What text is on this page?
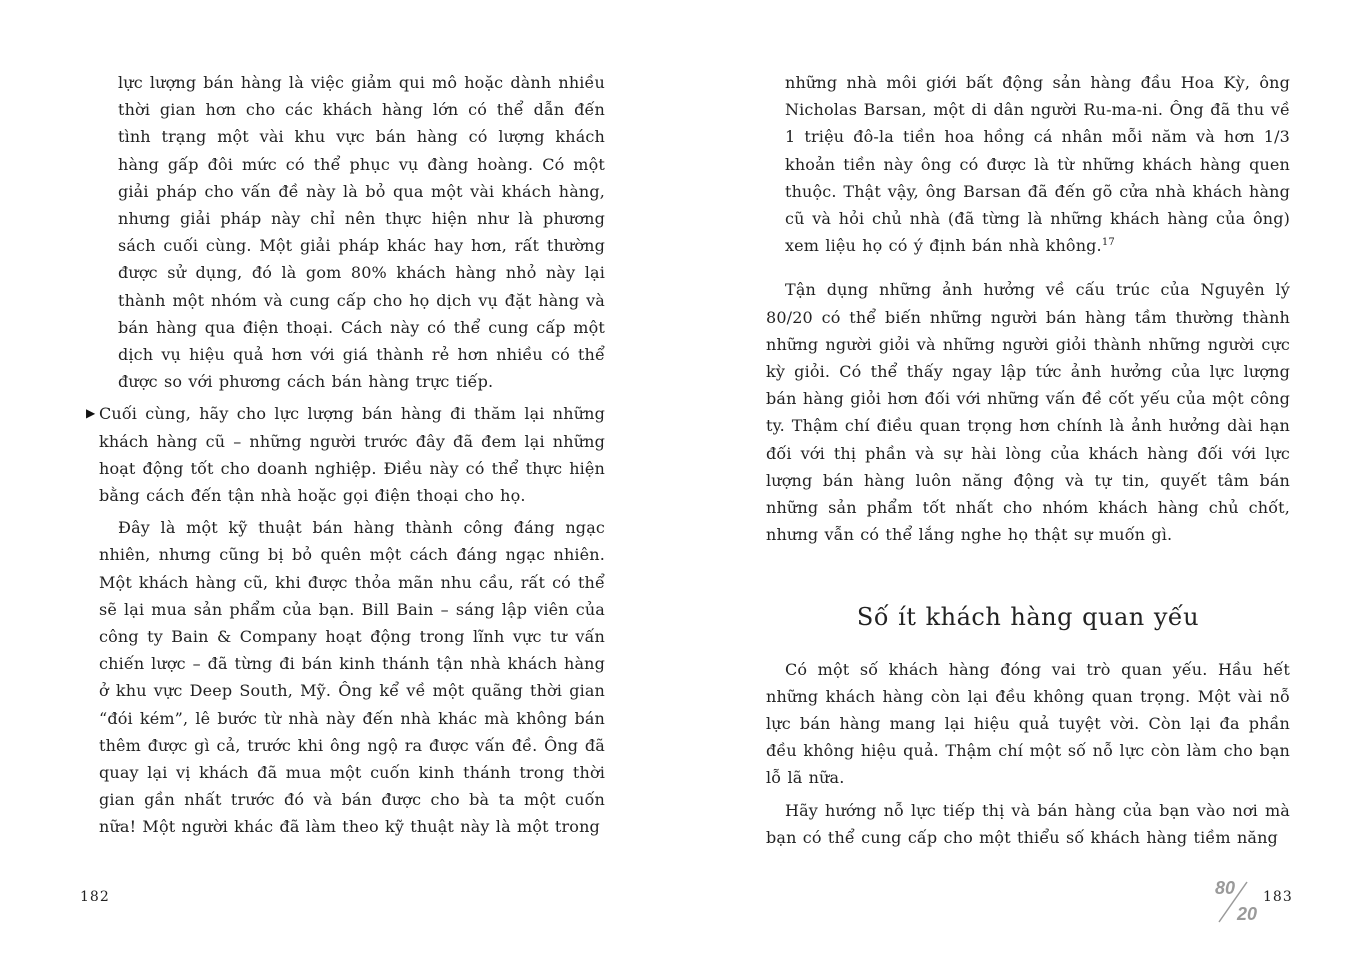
lực lượng bán hàng là việc giảm qui mô hoặc dành nhiều thời gian hơn cho các khách hàng lớn có thể dẫn đến tình trạng một vài khu vực bán hàng có lượng khách hàng gấp đôi mức có thể phục vụ đàng hoàng. Có một giải pháp cho vấn đề này là bỏ qua một vài khách hàng, nhưng giải pháp này chỉ nên thực hiện như là phương sách cuối cùng. Một giải pháp khác hay hơn, rất thường được sử dụng, đó là gom 80% khách hàng nhỏ này lại thành một nhóm và cung cấp cho họ dịch vụ đặt hàng và bán hàng qua điện thoại. Cách này có thể cung cấp một dịch vụ hiệu quả hơn với giá thành rẻ hơn nhiều có thể được so với phương cách bán hàng trực tiếp.

▶ Cuối cùng, hãy cho lực lượng bán hàng đi thăm lại những khách hàng cũ – những người trước đây đã đem lại những hoạt động tốt cho doanh nghiệp. Điều này có thể thực hiện bằng cách đến tận nhà hoặc gọi điện thoại cho họ.

Đây là một kỹ thuật bán hàng thành công đáng ngạc nhiên, nhưng cũng bị bỏ quên một cách đáng ngạc nhiên. Một khách hàng cũ, khi được thỏa mãn nhu cầu, rất có thể sẽ lại mua sản phẩm của bạn. Bill Bain – sáng lập viên của công ty Bain & Company hoạt động trong lĩnh vực tư vấn chiến lược – đã từng đi bán kinh thánh tận nhà khách hàng ở khu vực Deep South, Mỹ. Ông kể về một quãng thời gian “đói kém”, lê bước từ nhà này đến nhà khác mà không bán thêm được gì cả, trước khi ông ngộ ra được vấn đề. Ông đã quay lại vị khách đã mua một cuốn kinh thánh trong thời gian gần nhất trước đó và bán được cho bà ta một cuốn nữa! Một người khác đã làm theo kỹ thuật này là một trong

182

những nhà môi giới bất động sản hàng đầu Hoa Kỳ, ông Nicholas Barsan, một di dân người Ru-ma-ni. Ông đã thu về 1 triệu đô-la tiền hoa hồng cá nhân mỗi năm và hơn 1/3 khoản tiền này ông có được là từ những khách hàng quen thuộc. Thật vậy, ông Barsan đã đến gõ cửa nhà khách hàng cũ và hỏi chủ nhà (đã từng là những khách hàng của ông) xem liệu họ có ý định bán nhà không.$^{17}$

Tận dụng những ảnh hưởng về cấu trúc của Nguyên lý 80/20 có thể biến những người bán hàng tầm thường thành những người giỏi và những người giỏi thành những người cực kỳ giỏi. Có thể thấy ngay lập tức ảnh hưởng của lực lượng bán hàng giỏi hơn đối với những vấn đề cốt yếu của một công ty. Thậm chí điều quan trọng hơn chính là ảnh hưởng dài hạn đối với thị phần và sự hài lòng của khách hàng đối với lực lượng bán hàng luôn năng động và tự tin, quyết tâm bán những sản phẩm tốt nhất cho nhóm khách hàng chủ chốt, nhưng vẫn có thể lắng nghe họ thật sự muốn gì.

Số ít khách hàng quan yếu

Có một số khách hàng đóng vai trò quan yếu. Hầu hết những khách hàng còn lại đều không quan trọng. Một vài nỗ lực bán hàng mang lại hiệu quả tuyệt vời. Còn lại đa phần đều không hiệu quả. Thậm chí một số nỗ lực còn làm cho bạn lỗ lã nữa.

Hãy hướng nỗ lực tiếp thị và bán hàng của bạn vào nơi mà bạn có thể cung cấp cho một thiểu số khách hàng tiềm năng

80
20
183
